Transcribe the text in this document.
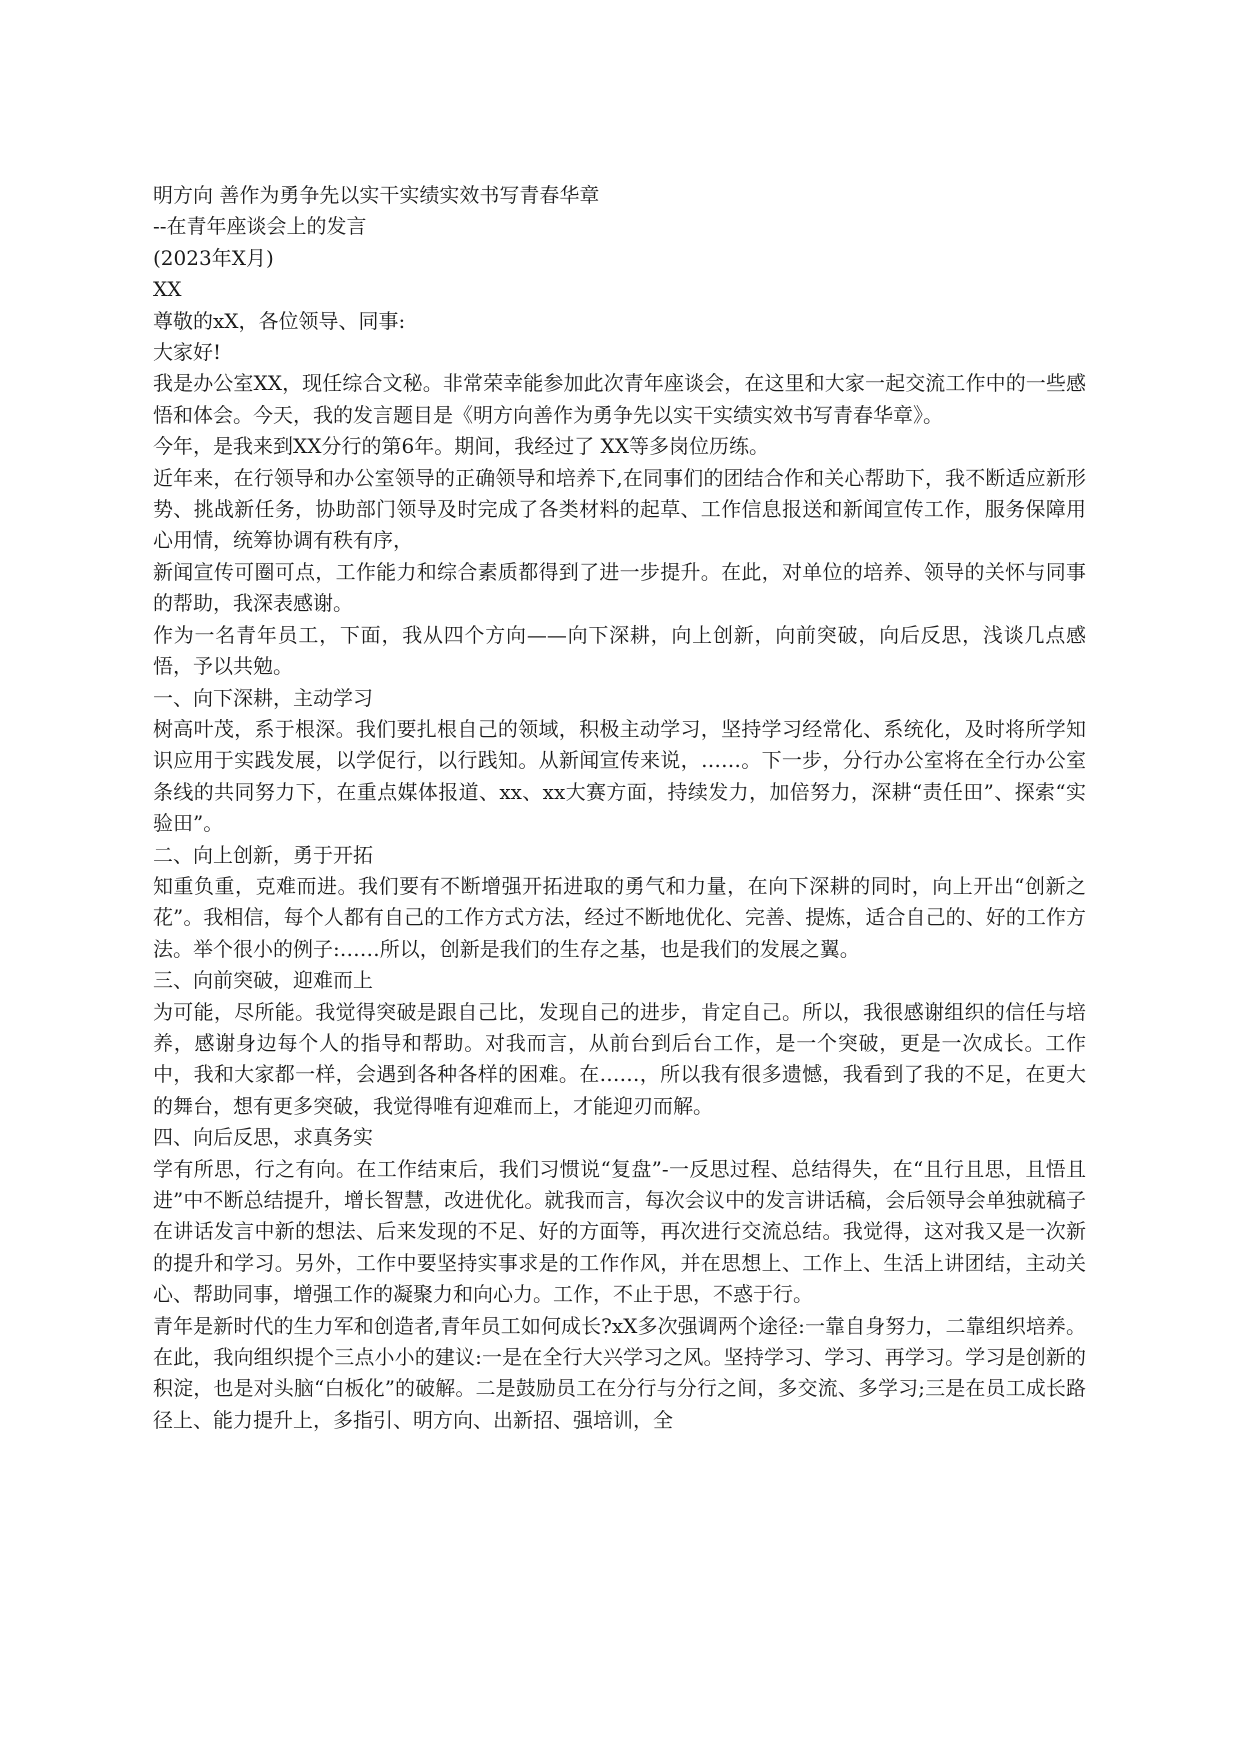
明方向 善作为勇争先以实干实绩实效书写青春华章
--在青年座谈会上的发言
(2023年X月)
XX
尊敬的xX，各位领导、同事:
大家好!

我是办公室XX，现任综合文秘。非常荣幸能参加此次青年座谈会，在这里和大家一起交流工作中的一些感悟和体会。今天，我的发言题目是《明方向善作为勇争先以实干实绩实效书写青春华章》。

今年，是我来到XX分行的第6年。期间，我经过了 XX等多岗位历练。

近年来，在行领导和办公室领导的正确领导和培养下,在同事们的团结合作和关心帮助下，我不断适应新形势、挑战新任务，协助部门领导及时完成了各类材料的起草、工作信息报送和新闻宣传工作，服务保障用心用情，统筹协调有秩有序，

新闻宣传可圈可点，工作能力和综合素质都得到了进一步提升。在此，对单位的培养、领导的关怀与同事的帮助，我深表感谢。

作为一名青年员工，下面，我从四个方向——向下深耕，向上创新，向前突破，向后反思，浅谈几点感悟，予以共勉。

一、向下深耕，主动学习

树高叶茂，系于根深。我们要扎根自己的领域，积极主动学习，坚持学习经常化、系统化，及时将所学知识应用于实践发展，以学促行，以行践知。从新闻宣传来说，……。下一步，分行办公室将在全行办公室条线的共同努力下，在重点媒体报道、xx、xx大赛方面，持续发力，加倍努力，深耕“责任田”、探索“实验田”。

二、向上创新，勇于开拓

知重负重，克难而进。我们要有不断增强开拓进取的勇气和力量，在向下深耕的同时，向上开出“创新之花”。我相信，每个人都有自己的工作方式方法，经过不断地优化、完善、提炼，适合自己的、好的工作方法。举个很小的例子:……所以，创新是我们的生存之基，也是我们的发展之翼。

三、向前突破，迎难而上

为可能，尽所能。我觉得突破是跟自己比，发现自己的进步，肯定自己。所以，我很感谢组织的信任与培养，感谢身边每个人的指导和帮助。对我而言，从前台到后台工作，是一个突破，更是一次成长。工作中，我和大家都一样，会遇到各种各样的困难。在……，所以我有很多遗憾，我看到了我的不足，在更大的舞台，想有更多突破，我觉得唯有迎难而上，才能迎刃而解。

四、向后反思，求真务实

学有所思，行之有向。在工作结束后，我们习惯说“复盘”-一反思过程、总结得失，在“且行且思，且悟且进”中不断总结提升，增长智慧，改进优化。就我而言，每次会议中的发言讲话稿，会后领导会单独就稿子在讲话发言中新的想法、后来发现的不足、好的方面等，再次进行交流总结。我觉得，这对我又是一次新的提升和学习。另外，工作中要坚持实事求是的工作作风，并在思想上、工作上、生活上讲团结，主动关心、帮助同事，增强工作的凝聚力和向心力。工作，不止于思，不惑于行。

青年是新时代的生力军和创造者,青年员工如何成长?xX多次强调两个途径:一靠自身努力，二靠组织培养。在此，我向组织提个三点小小的建议:一是在全行大兴学习之风。坚持学习、学习、再学习。学习是创新的积淀，也是对头脑“白板化”的破解。二是鼓励员工在分行与分行之间，多交流、多学习;三是在员工成长路径上、能力提升上，多指引、明方向、出新招、强培训，全
